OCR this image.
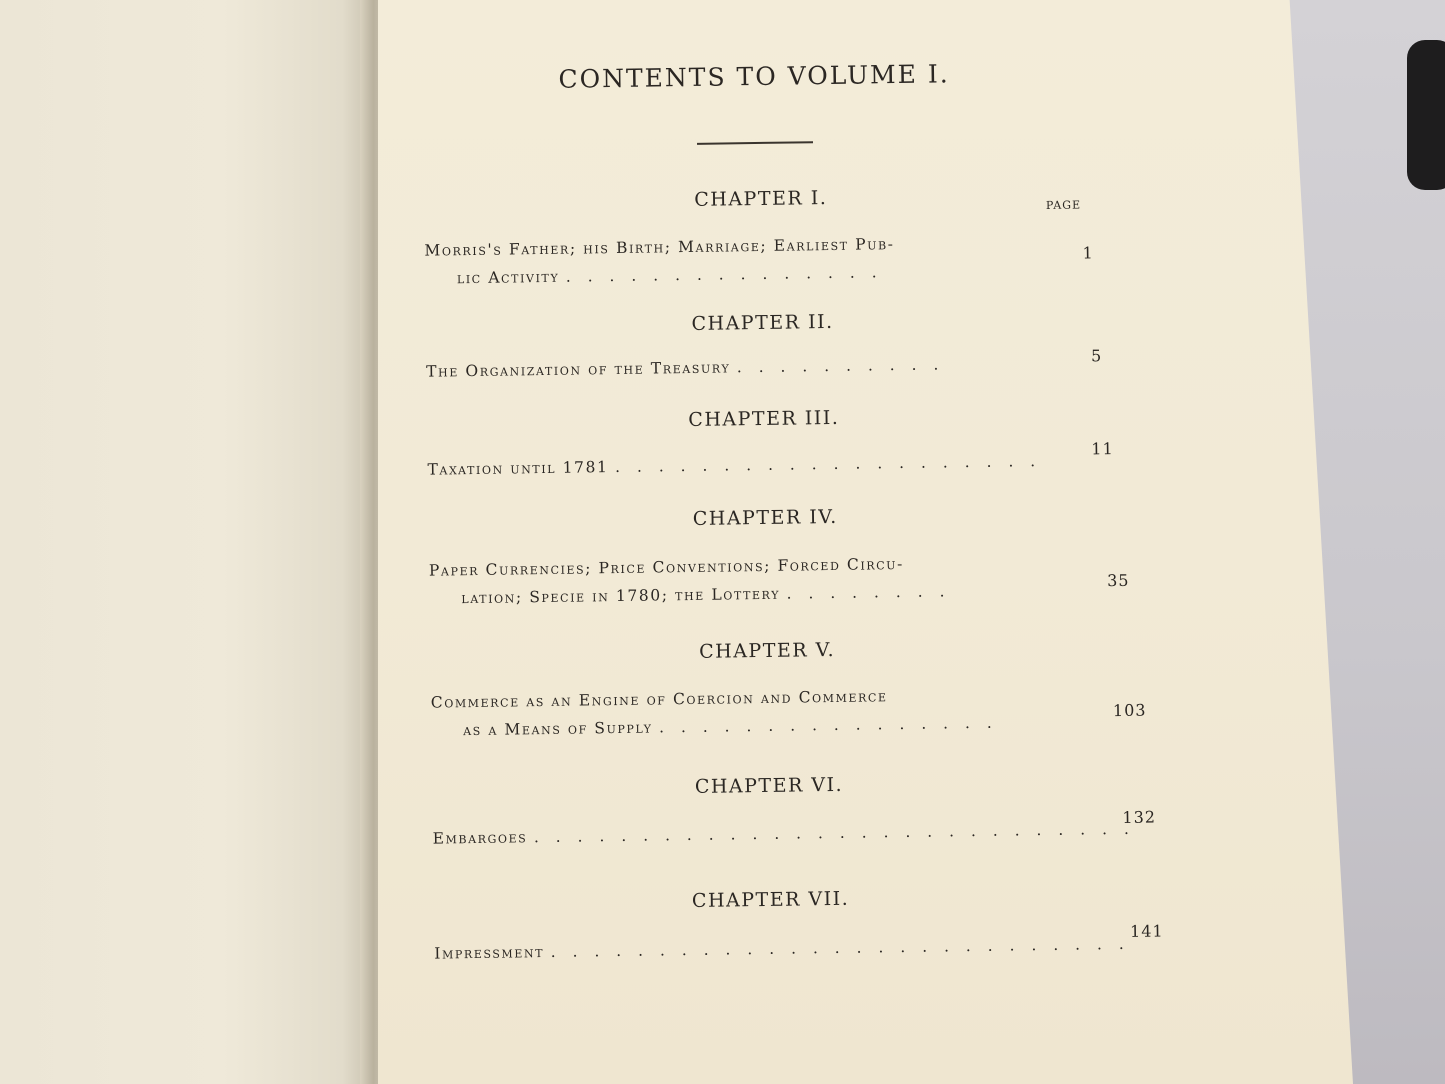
CONTENTS TO VOLUME I.
PAGE
CHAPTER I.
Morris's Father; his Birth; Marriage; Earliest Pub-
lic Activity . . . . . . . . . . . . . . .
1
CHAPTER II.
The Organization of the Treasury . . . . . . . . . .	5
CHAPTER III.
Taxation until 1781 . . . . . . . . . . . . . . . . . . . .
11
CHAPTER IV.
Paper Currencies; Price Conventions; Forced Circu-
lation; Specie in 1780; the Lottery . . . . . . . .
35
CHAPTER V.
Commerce as an Engine of Coercion and Commerce
as a Means of Supply . . . . . . . . . . . . . . . .
103
CHAPTER VI.
Embargoes . . . . . . . . . . . . . . . . . . . . . . . . . . . .
132
CHAPTER VII.
Impressment . . . . . . . . . . . . . . . . . . . . . . . . . . .
141
